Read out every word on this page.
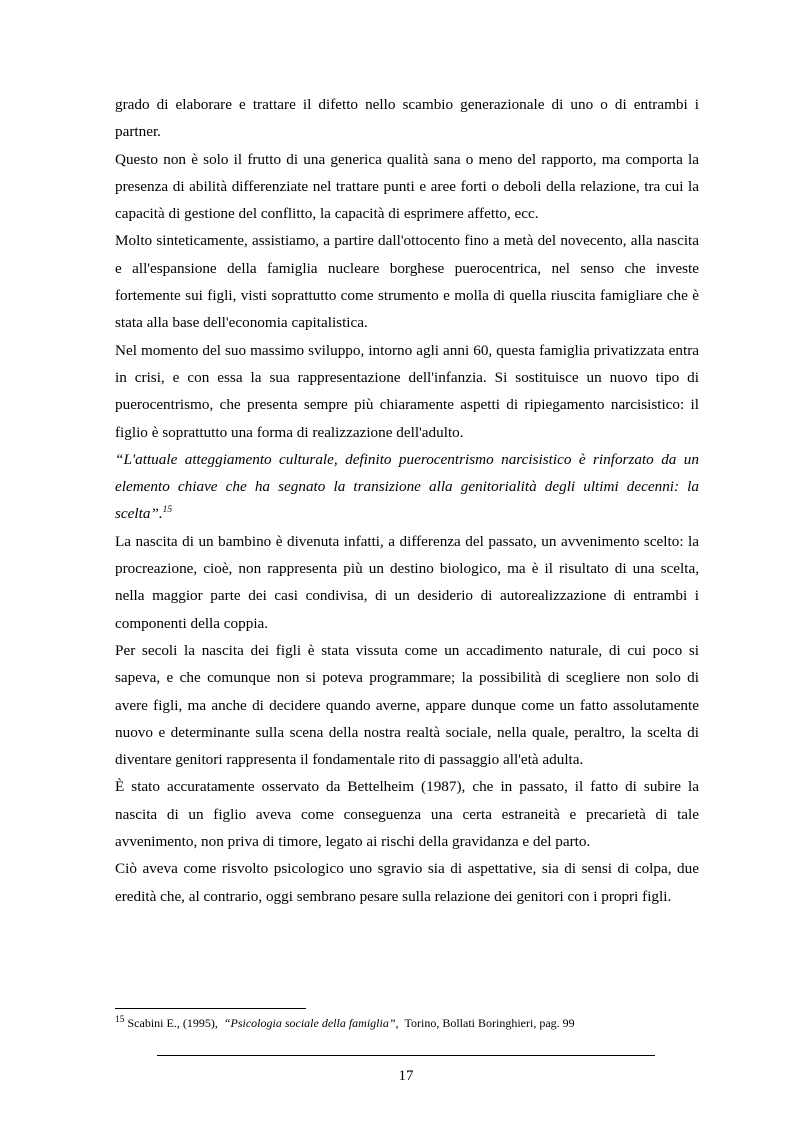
grado di elaborare e trattare il difetto nello scambio generazionale di uno o di entrambi i partner.

Questo non è solo il frutto di una generica qualità sana o meno del rapporto, ma comporta la presenza di abilità differenziate nel trattare punti e aree forti o deboli della relazione, tra cui la capacità di gestione del conflitto, la capacità di esprimere affetto, ecc.

Molto sinteticamente, assistiamo, a partire dall'ottocento fino a metà del novecento, alla nascita e all'espansione della famiglia nucleare borghese puerocentrica, nel senso che investe fortemente sui figli, visti soprattutto come strumento e molla di quella riuscita famigliare che è stata alla base dell'economia capitalistica.

Nel momento del suo massimo sviluppo, intorno agli anni 60, questa famiglia privatizzata entra in crisi, e con essa la sua rappresentazione dell'infanzia. Si sostituisce un nuovo tipo di puerocentrismo, che presenta sempre più chiaramente aspetti di ripiegamento narcisistico: il figlio è soprattutto una forma di realizzazione dell'adulto.

“L'attuale atteggiamento culturale, definito puerocentrismo narcisistico è rinforzato da un elemento chiave che ha segnato la transizione alla genitorialità degli ultimi decenni: la scelta”.$^{15}$

La nascita di un bambino è divenuta infatti, a differenza del passato, un avvenimento scelto: la procreazione, cioè, non rappresenta più un destino biologico, ma è il risultato di una scelta, nella maggior parte dei casi condivisa, di un desiderio di autorealizzazione di entrambi i componenti della coppia.

Per secoli la nascita dei figli è stata vissuta come un accadimento naturale, di cui poco si sapeva, e che comunque non si poteva programmare; la possibilità di scegliere non solo di avere figli, ma anche di decidere quando averne, appare dunque come un fatto assolutamente nuovo e determinante sulla scena della nostra realtà sociale, nella quale, peraltro, la scelta di diventare genitori rappresenta il fondamentale rito di passaggio all'età adulta.

È stato accuratamente osservato da Bettelheim (1987), che in passato, il fatto di subire la nascita di un figlio aveva come conseguenza una certa estraneità e precarietà di tale avvenimento, non priva di timore, legato ai rischi della gravidanza e del parto.

Ciò aveva come risvolto psicologico uno sgravio sia di aspettative, sia di sensi di colpa, due eredità che, al contrario, oggi sembrano pesare sulla relazione dei genitori con i propri figli.

$^{15}$ Scabini E., (1995), “Psicologia sociale della famiglia”, Torino, Bollati Boringhieri, pag. 99
17
